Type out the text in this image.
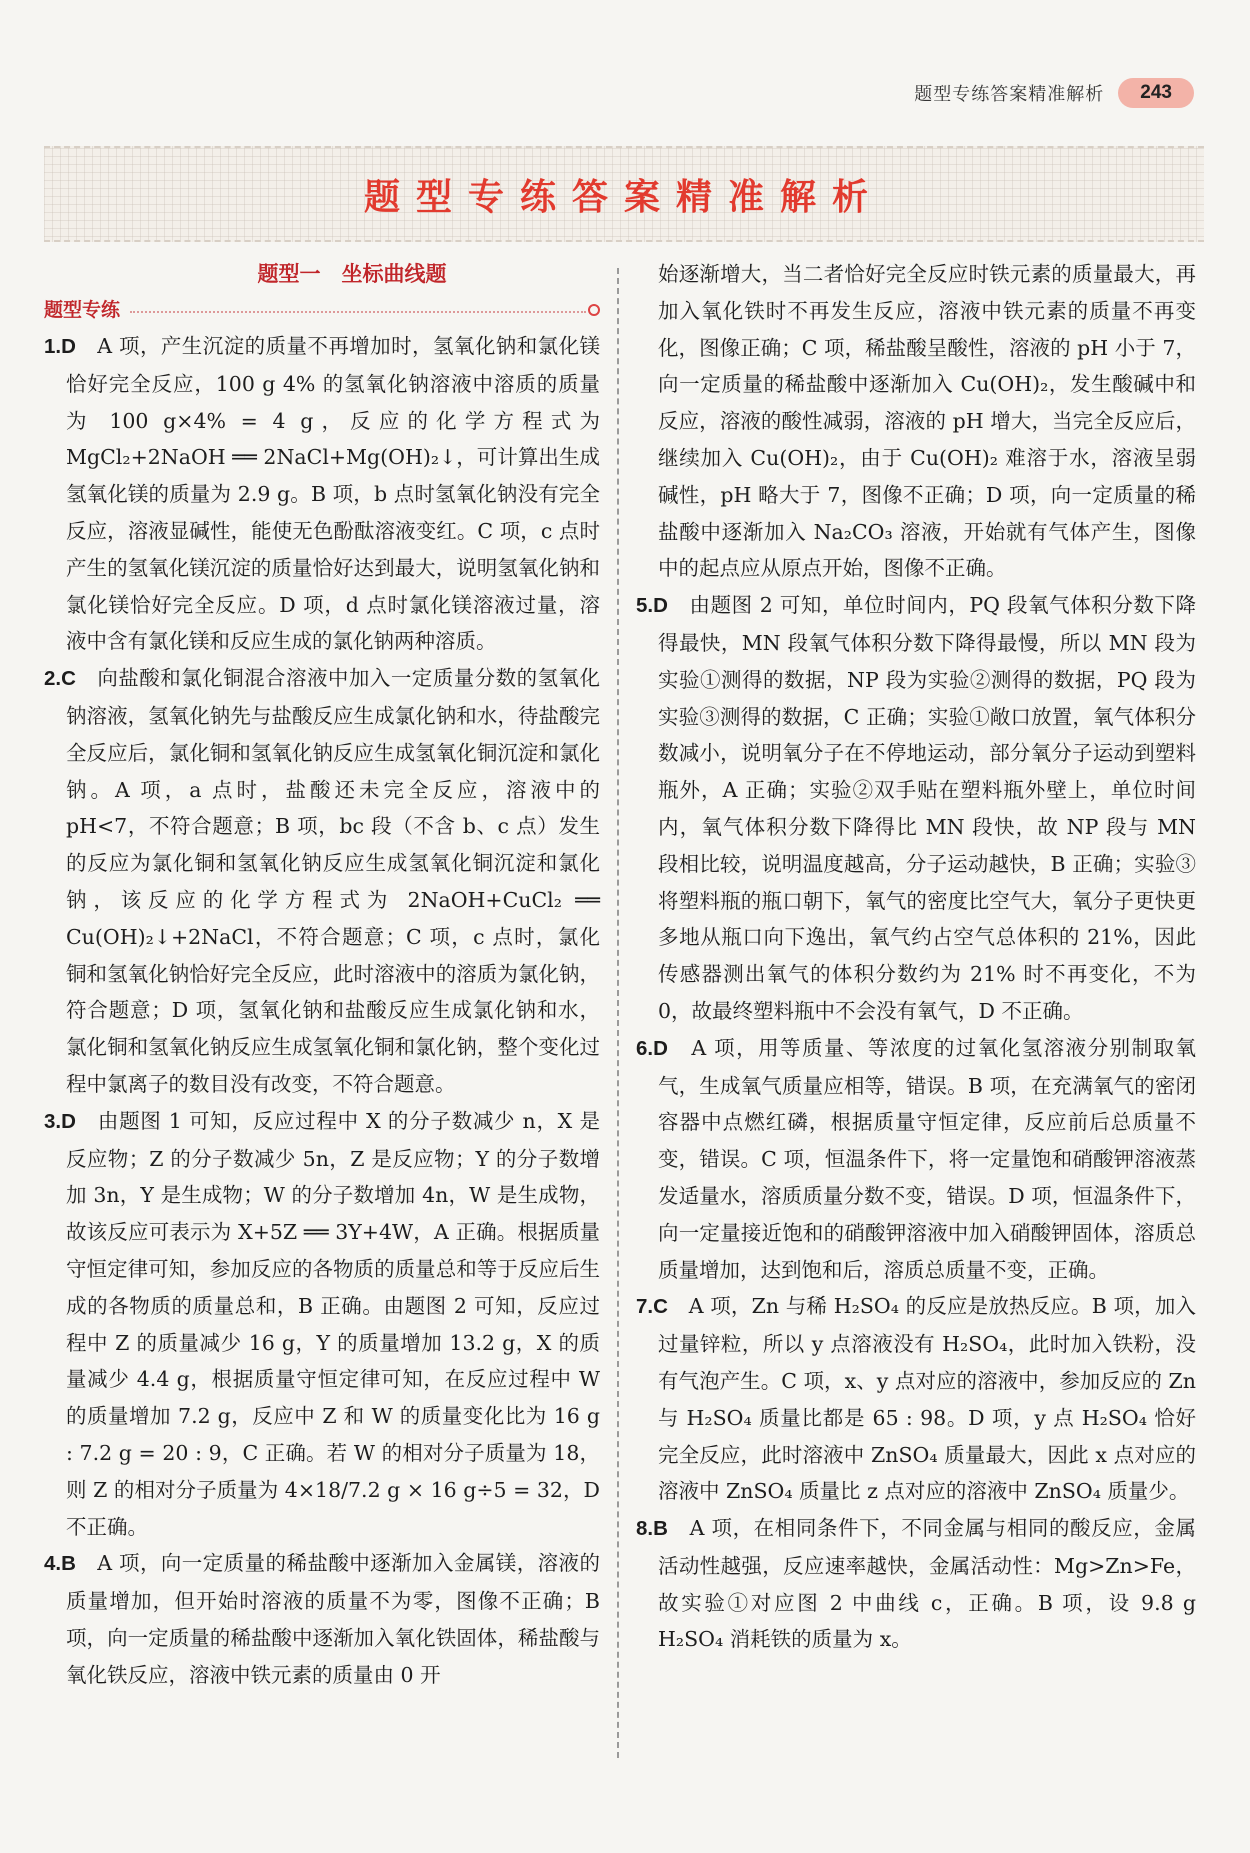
题型专练答案精准解析	243
题型专练答案精准解析
题型一　坐标曲线题
题型专练

1.D　A 项，产生沉淀的质量不再增加时，氢氧化钠和氯化镁恰好完全反应，100 g 4% 的氢氧化钠溶液中溶质的质量为 100 g×4% = 4 g，反应的化学方程式为 MgCl₂+2NaOH ══ 2NaCl+Mg(OH)₂↓，可计算出生成氢氧化镁的质量为 2.9 g。B 项，b 点时氢氧化钠没有完全反应，溶液显碱性，能使无色酚酞溶液变红。C 项，c 点时产生的氢氧化镁沉淀的质量恰好达到最大，说明氢氧化钠和氯化镁恰好完全反应。D 项，d 点时氯化镁溶液过量，溶液中含有氯化镁和反应生成的氯化钠两种溶质。

2.C　向盐酸和氯化铜混合溶液中加入一定质量分数的氢氧化钠溶液，氢氧化钠先与盐酸反应生成氯化钠和水，待盐酸完全反应后，氯化铜和氢氧化钠反应生成氢氧化铜沉淀和氯化钠。A 项，a 点时，盐酸还未完全反应，溶液中的 pH<7，不符合题意；B 项，bc 段（不含 b、c 点）发生的反应为氯化铜和氢氧化钠反应生成氢氧化铜沉淀和氯化钠，该反应的化学方程式为 2NaOH+CuCl₂ ══ Cu(OH)₂↓+2NaCl，不符合题意；C 项，c 点时，氯化铜和氢氧化钠恰好完全反应，此时溶液中的溶质为氯化钠，符合题意；D 项，氢氧化钠和盐酸反应生成氯化钠和水，氯化铜和氢氧化钠反应生成氢氧化铜和氯化钠，整个变化过程中氯离子的数目没有改变，不符合题意。

3.D　由题图 1 可知，反应过程中 X 的分子数减少 n，X 是反应物；Z 的分子数减少 5n，Z 是反应物；Y 的分子数增加 3n，Y 是生成物；W 的分子数增加 4n，W 是生成物，故该反应可表示为 X+5Z ══ 3Y+4W，A 正确。根据质量守恒定律可知，参加反应的各物质的质量总和等于反应后生成的各物质的质量总和，B 正确。由题图 2 可知，反应过程中 Z 的质量减少 16 g，Y 的质量增加 13.2 g，X 的质量减少 4.4 g，根据质量守恒定律可知，在反应过程中 W 的质量增加 7.2 g，反应中 Z 和 W 的质量变化比为 16 g : 7.2 g = 20 : 9，C 正确。若 W 的相对分子质量为 18，则 Z 的相对分子质量为 4×18/7.2 g × 16 g÷5 = 32，D 不正确。

4.B　A 项，向一定质量的稀盐酸中逐渐加入金属镁，溶液的质量增加，但开始时溶液的质量不为零，图像不正确；B 项，向一定质量的稀盐酸中逐渐加入氧化铁固体，稀盐酸与氧化铁反应，溶液中铁元素的质量由 0 开

始逐渐增大，当二者恰好完全反应时铁元素的质量最大，再加入氧化铁时不再发生反应，溶液中铁元素的质量不再变化，图像正确；C 项，稀盐酸呈酸性，溶液的 pH 小于 7，向一定质量的稀盐酸中逐渐加入 Cu(OH)₂，发生酸碱中和反应，溶液的酸性减弱，溶液的 pH 增大，当完全反应后，继续加入 Cu(OH)₂，由于 Cu(OH)₂ 难溶于水，溶液呈弱碱性，pH 略大于 7，图像不正确；D 项，向一定质量的稀盐酸中逐渐加入 Na₂CO₃ 溶液，开始就有气体产生，图像中的起点应从原点开始，图像不正确。

5.D　由题图 2 可知，单位时间内，PQ 段氧气体积分数下降得最快，MN 段氧气体积分数下降得最慢，所以 MN 段为实验①测得的数据，NP 段为实验②测得的数据，PQ 段为实验③测得的数据，C 正确；实验①敞口放置，氧气体积分数减小，说明氧分子在不停地运动，部分氧分子运动到塑料瓶外，A 正确；实验②双手贴在塑料瓶外壁上，单位时间内，氧气体积分数下降得比 MN 段快，故 NP 段与 MN 段相比较，说明温度越高，分子运动越快，B 正确；实验③将塑料瓶的瓶口朝下，氧气的密度比空气大，氧分子更快更多地从瓶口向下逸出，氧气约占空气总体积的 21%，因此传感器测出氧气的体积分数约为 21% 时不再变化，不为 0，故最终塑料瓶中不会没有氧气，D 不正确。

6.D　A 项，用等质量、等浓度的过氧化氢溶液分别制取氧气，生成氧气质量应相等，错误。B 项，在充满氧气的密闭容器中点燃红磷，根据质量守恒定律，反应前后总质量不变，错误。C 项，恒温条件下，将一定量饱和硝酸钾溶液蒸发适量水，溶质质量分数不变，错误。D 项，恒温条件下，向一定量接近饱和的硝酸钾溶液中加入硝酸钾固体，溶质总质量增加，达到饱和后，溶质总质量不变，正确。

7.C　A 项，Zn 与稀 H₂SO₄ 的反应是放热反应。B 项，加入过量锌粒，所以 y 点溶液没有 H₂SO₄，此时加入铁粉，没有气泡产生。C 项，x、y 点对应的溶液中，参加反应的 Zn 与 H₂SO₄ 质量比都是 65 : 98。D 项，y 点 H₂SO₄ 恰好完全反应，此时溶液中 ZnSO₄ 质量最大，因此 x 点对应的溶液中 ZnSO₄ 质量比 z 点对应的溶液中 ZnSO₄ 质量少。

8.B　A 项，在相同条件下，不同金属与相同的酸反应，金属活动性越强，反应速率越快，金属活动性：Mg>Zn>Fe，故实验①对应图 2 中曲线 c，正确。B 项，设 9.8 g H₂SO₄ 消耗铁的质量为 x。
